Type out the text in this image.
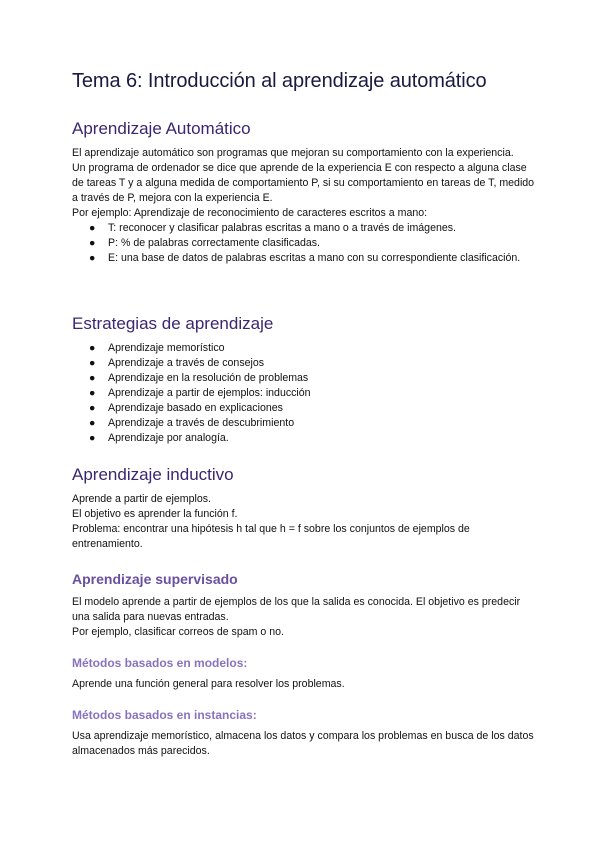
Tema 6: Introducción al aprendizaje automático
Aprendizaje Automático

El aprendizaje automático son programas que mejoran su comportamiento con la experiencia.

Un programa de ordenador se dice que aprende de la experiencia E con respecto a alguna clase de tareas T y a alguna medida de comportamiento P, si su comportamiento en tareas de T, medido a través de P, mejora con la experiencia E.

Por ejemplo: Aprendizaje de reconocimiento de caracteres escritos a mano:

● T: reconocer y clasificar palabras escritas a mano o a través de imágenes.
● P: % de palabras correctamente clasificadas.
● E: una base de datos de palabras escritas a mano con su correspondiente clasificación.
Estrategias de aprendizaje
● Aprendizaje memorístico
● Aprendizaje a través de consejos
● Aprendizaje en la resolución de problemas
● Aprendizaje a partir de ejemplos: inducción
● Aprendizaje basado en explicaciones
● Aprendizaje a través de descubrimiento
● Aprendizaje por analogía.
Aprendizaje inductivo

Aprende a partir de ejemplos.

El objetivo es aprender la función f.

Problema: encontrar una hipótesis h tal que h = f sobre los conjuntos de ejemplos de entrenamiento.

Aprendizaje supervisado

El modelo aprende a partir de ejemplos de los que la salida es conocida. El objetivo es predecir una salida para nuevas entradas.

Por ejemplo, clasificar correos de spam o no.

Métodos basados en modelos:

Aprende una función general para resolver los problemas.

Métodos basados en instancias:

Usa aprendizaje memorístico, almacena los datos y compara los problemas en busca de los datos almacenados más parecidos.
